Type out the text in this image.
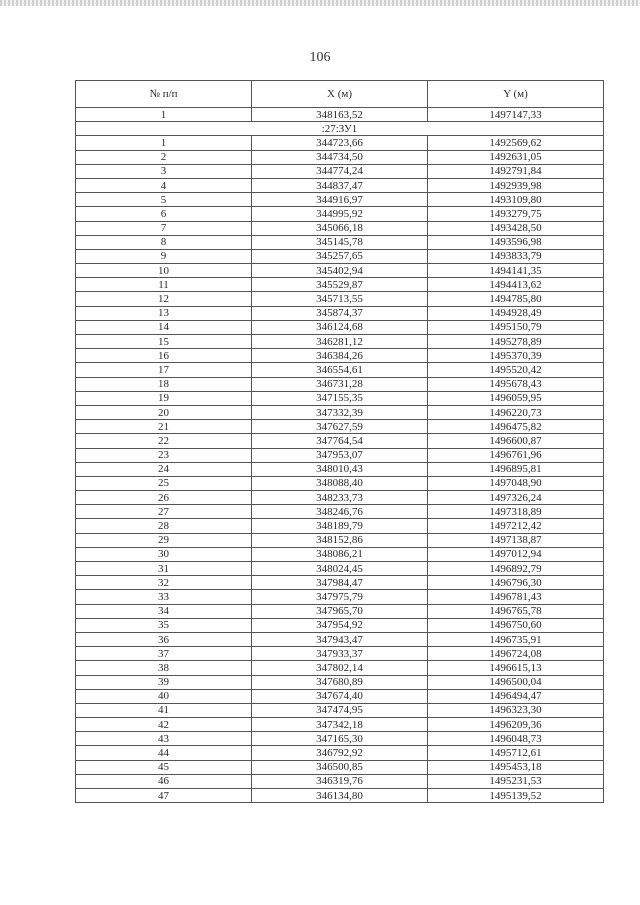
106
№ п/п	X (м)	Y (м)
1	348163,52	1497147,33
:27:ЗУ1		
1	344723,66	1492569,62
2	344734,50	1492631,05
3	344774,24	1492791,84
4	344837,47	1492939,98
5	344916,97	1493109,80
6	344995,92	1493279,75
7	345066,18	1493428,50
8	345145,78	1493596,98
9	345257,65	1493833,79
10	345402,94	1494141,35
11	345529,87	1494413,62
12	345713,55	1494785,80
13	345874,37	1494928,49
14	346124,68	1495150,79
15	346281,12	1495278,89
16	346384,26	1495370,39
17	346554,61	1495520,42
18	346731,28	1495678,43
19	347155,35	1496059,95
20	347332,39	1496220,73
21	347627,59	1496475,82
22	347764,54	1496600,87
23	347953,07	1496761,96
24	348010,43	1496895,81
25	348088,40	1497048,90
26	348233,73	1497326,24
27	348246,76	1497318,89
28	348189,79	1497212,42
29	348152,86	1497138,87
30	348086,21	1497012,94
31	348024,45	1496892,79
32	347984,47	1496796,30
33	347975,79	1496781,43
34	347965,70	1496765,78
35	347954,92	1496750,60
36	347943,47	1496735,91
37	347933,37	1496724,08
38	347802,14	1496615,13
39	347680,89	1496500,04
40	347674,40	1496494,47
41	347474,95	1496323,30
42	347342,18	1496209,36
43	347165,30	1496048,73
44	346792,92	1495712,61
45	346500,85	1495453,18
46	346319,76	1495231,53
47	346134,80	1495139,52
